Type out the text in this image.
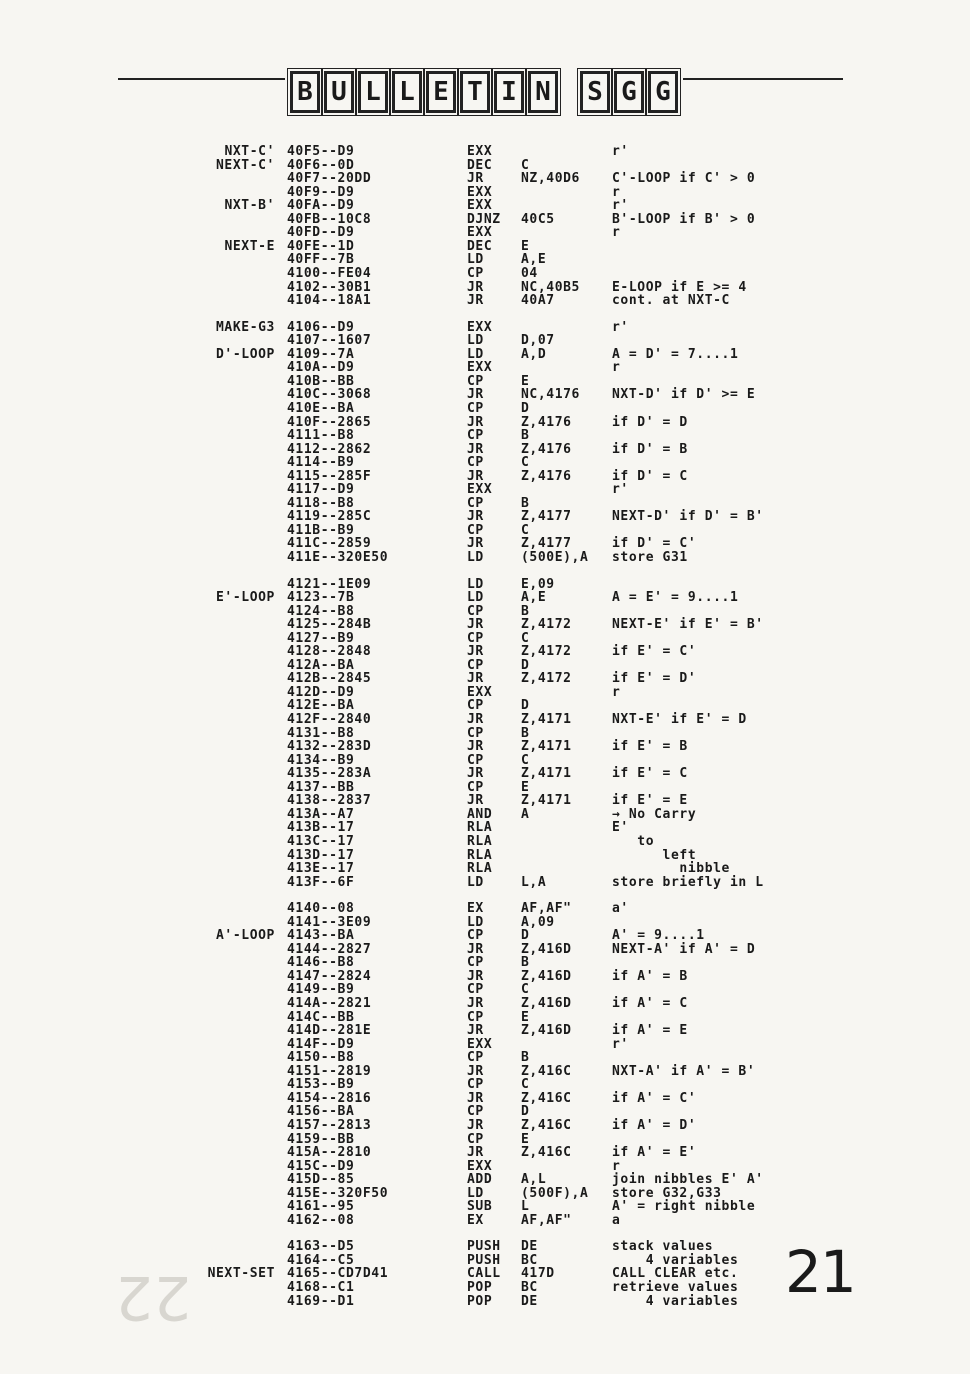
B U L L E T I N S G G
NXT-C' 40F5--D9	EXX	r'
NEXT-C' 40F6--0D	DEC C
40F7--20DD	JR	NZ,40D6 C'-LOOP if C' > 0
40F9--D9	EXX	r
NXT-B' 40FA--D9	EXX	r'
40FB--10C8	DJNZ 40C5	B'-LOOP if B' > 0
40FD--D9	EXX	r
NEXT-E 40FE--1D	DEC E
40FF--7B	LD	A,E
4100--FE04	CP	04
4102--30B1	JR	NC,40B5 E-LOOP if E >= 4
4104--18A1	JR	40A7	cont. at NXT-C
MAKE-G3 4106--D9	EXX	r'
4107--1607	LD	D,07
D'-LOOP 4109--7A	LD	A,D	A = D' = 7....1
410A--D9	EXX	r
410B--BB	CP	E
410C--3068	JR	NC,4176 NXT-D' if D' >= E
410E--BA	CP	D
410F--2865	JR	Z,4176	if D' = D
4111--B8	CP	B
4112--2862	JR	Z,4176	if D' = B
4114--B9	CP	C
4115--285F	JR	Z,4176	if D' = C
4117--D9	EXX	r'
4118--B8	CP	B
4119--285C	JR	Z,4177	NEXT-D' if D' = B'
411B--B9	CP	C
411C--2859	JR	Z,4177	if D' = C'
411E--320E50	LD	(500E),A store G31
4121--1E09	LD	E,09
E'-LOOP 4123--7B	LD	A,E	A = E' = 9....1
4124--B8	CP	B
4125--284B	JR	Z,4172	NEXT-E' if E' = B'
4127--B9	CP	C
4128--2848	JR	Z,4172	if E' = C'
412A--BA	CP	D
412B--2845	JR	Z,4172	if E' = D'
412D--D9	EXX	r
412E--BA	CP	D
412F--2840	JR	Z,4171	NXT-E' if E' = D
4131--B8	CP	B
4132--283D	JR	Z,4171	if E' = B
4134--B9	CP	C
4135--283A	JR	Z,4171	if E' = C
4137--BB	CP	E
4138--2837	JR	Z,4171	if E' = E
413A--A7	AND A	→ No Carry
413B--17	RLA	E'
413C--17	RLA	to
413D--17	RLA	left
413E--17	RLA	nibble
413F--6F	LD	L,A	store briefly in L
4140--08	EX	AF,AF"	a'
4141--3E09	LD	A,09
A'-LOOP 4143--BA	CP	D	A' = 9....1
4144--2827	JR	Z,416D	NEXT-A' if A' = D
4146--B8	CP	B
4147--2824	JR	Z,416D	if A' = B
4149--B9	CP	C
414A--2821	JR	Z,416D	if A' = C
414C--BB	CP	E
414D--281E	JR	Z,416D	if A' = E
414F--D9	EXX	r'
4150--B8	CP	B
4151--2819	JR	Z,416C	NXT-A' if A' = B'
4153--B9	CP	C
4154--2816	JR	Z,416C	if A' = C'
4156--BA	CP	D
4157--2813	JR	Z,416C	if A' = D'
4159--BB	CP	E
415A--2810	JR	Z,416C	if A' = E'
415C--D9	EXX	r
415D--85	ADD A,L	join nibbles E' A'
415E--320F50	LD	(500F),A store G32,G33
4161--95	SUB L	A' = right nibble
4162--08	EX	AF,AF"	a
4163--D5	PUSH DE	stack values
4164--C5	PUSH BC	4 variables
NEXT-SET 4165--CD7D41	CALL 417D	CALL CLEAR etc.
4168--C1	POP BC	retrieve values
4169--D1	POP DE	4 variables 21
22
